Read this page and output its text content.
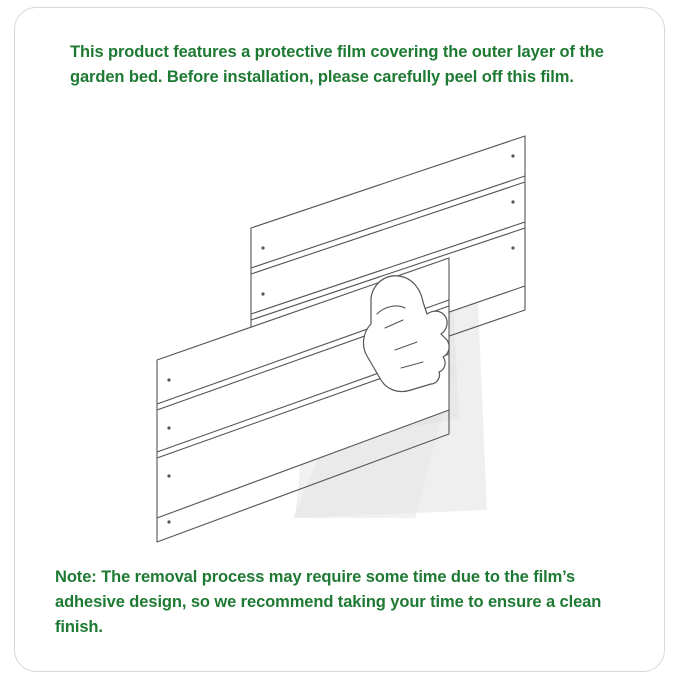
This product features a protective film covering the outer layer of the garden bed. Before installation, please carefully peel off this film.
Note: The removal process may require some time due to the film’s adhesive design, so we recommend taking your time to ensure a clean finish.
